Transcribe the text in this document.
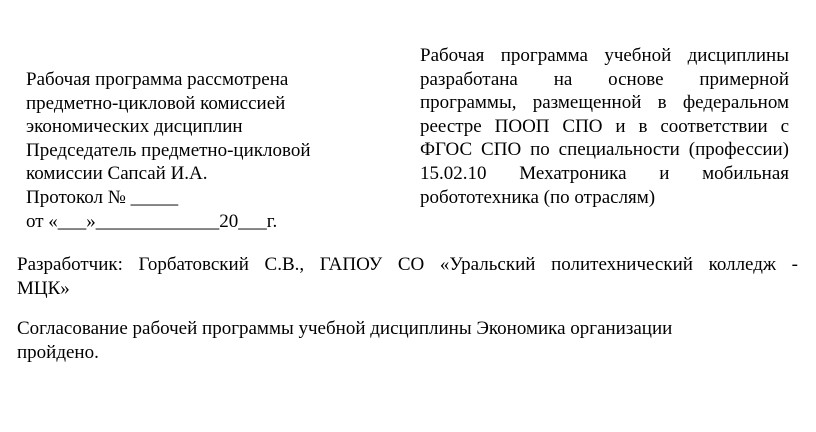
Рабочая программа рассмотрена
предметно-цикловой комиссией
экономических дисциплин
Председатель предметно-цикловой
комиссии Сапсай И.А.
Протокол № _____
от «___»_____________20___г.
Рабочая программа учебной дисциплины
разработана на основе примерной
программы, размещенной в федеральном
реестре ПООП СПО и в соответствии с
ФГОС СПО по специальности (профессии)
15.02.10 Мехатроника и мобильная
робототехника (по отраслям)
Разработчик: Горбатовский С.В., ГАПОУ СО «Уральский политехнический колледж -
МЦК»
Согласование рабочей программы учебной дисциплины Экономика организации
пройдено.
